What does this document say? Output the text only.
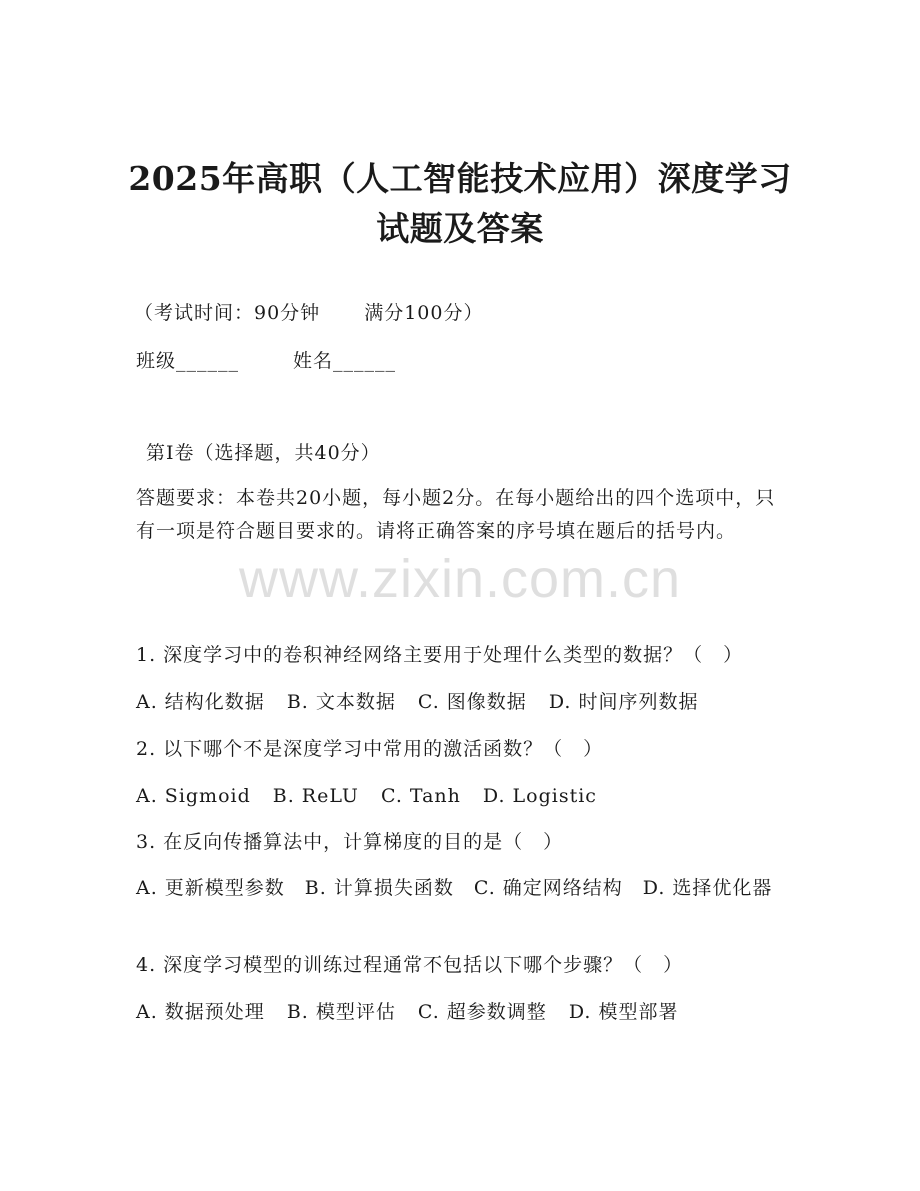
2025年高职（人工智能技术应用）深度学习
试题及答案
（考试时间：90分钟 满分100分）
班级______	姓名______
第I卷（选择题，共40分）
答题要求：本卷共20小题，每小题2分。在每小题给出的四个选项中，只有一项是符合题目要求的。请将正确答案的序号填在题后的括号内。
www.zixin.com.cn
1. 深度学习中的卷积神经网络主要用于处理什么类型的数据？（　）
A. 结构化数据 B. 文本数据 C. 图像数据 D. 时间序列数据
2. 以下哪个不是深度学习中常用的激活函数？（　）
A. Sigmoid B. ReLU C. Tanh D. Logistic
3. 在反向传播算法中，计算梯度的目的是（　）
A. 更新模型参数　B. 计算损失函数　C. 确定网络结构　D. 选择优化器
4. 深度学习模型的训练过程通常不包括以下哪个步骤？（　）
A. 数据预处理 B. 模型评估 C. 超参数调整 D. 模型部署
